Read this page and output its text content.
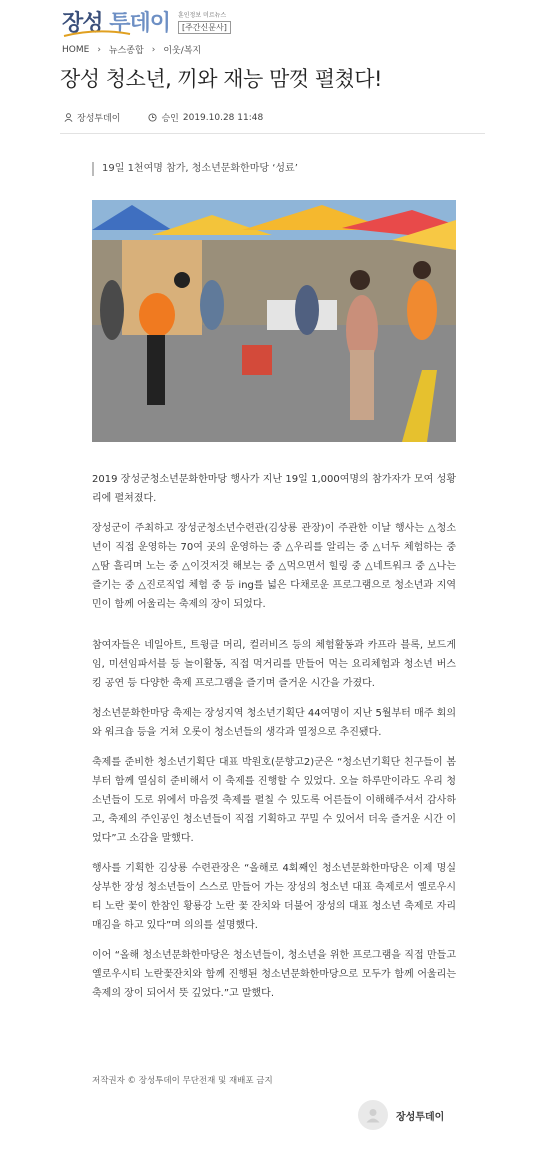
장성 투데이 훈인정보 미르뉴스
[주간신문사]
HOME › 뉴스종합 › 이웃/복지
장성 청소년, 끼와 재능 맘껏 펼쳤다!
장성투데이	승인 2019.10.28 11:48
19일 1천여명 참가, 청소년문화한마당 ‘성료’

2019 장성군청소년문화한마당 행사가 지난 19일 1,000여명의 참가자가 모여 성황리에 펼쳐졌다.

장성군이 주최하고 장성군청소년수련관(김상룡 관장)이 주관한 이날 행사는 △청소년이 직접 운영하는 70여 곳의 운영하는 중 △우리를 알리는 중 △너두 체험하는 중 △땀 흘리며 노는 중 △이것저것 해보는 중 △먹으면서 힐링 중 △네트워크 중 △나는 즐기는 중 △진로직업 체험 중 등 ing를 넓은 다채로운 프로그램으로 청소년과 지역민이 함께 어울리는 축제의 장이 되었다.

참여자들은 네일아트, 트윙클 머리, 컬러비즈 등의 체험활동과 카프라 블록, 보드게임, 미션임파서블 등 놀이활동, 직접 먹거리를 만들어 먹는 요리체험과 청소년 버스킹 공연 등 다양한 축제 프로그램을 즐기며 즐거운 시간을 가졌다.

청소년문화한마당 축제는 장성지역 청소년기획단 44여명이 지난 5월부터 매주 회의와 워크숍 등을 거쳐 오롯이 청소년들의 생각과 열정으로 추진됐다.

축제를 준비한 청소년기획단 대표 박원호(문향고2)군은 “청소년기획단 친구들이 봄부터 함께 열심히 준비해서 이 축제를 진행할 수 있었다. 오늘 하루만이라도 우리 청소년들이 도로 위에서 마음껏 축제를 펼칠 수 있도록 어른들이 이해해주셔서 감사하고, 축제의 주인공인 청소년들이 직접 기획하고 꾸밀 수 있어서 더욱 즐거운 시간 이었다”고 소감을 말했다.

행사를 기획한 김상룡 수련관장은 “올해로 4회째인 청소년문화한마당은 이제 명실상부한 장성 청소년들이 스스로 만들어 가는 장성의 청소년 대표 축제로서 옐로우시티 노란 꽃이 한참인 황룡강 노란 꽃 잔치와 더불어 장성의 대표 청소년 축제로 자리매김을 하고 있다”며 의의를 설명했다.

이어 “올해 청소년문화한마당은 청소년들이, 청소년을 위한 프로그램을 직접 만들고 옐로우시티 노란꽃잔치와 함께 진행된 청소년문화한마당으로 모두가 함께 어울리는 축제의 장이 되어서 뜻 깊었다.”고 말했다.

저작권자 © 장성투데이 무단전재 및 재배포 금지
장성투데이
